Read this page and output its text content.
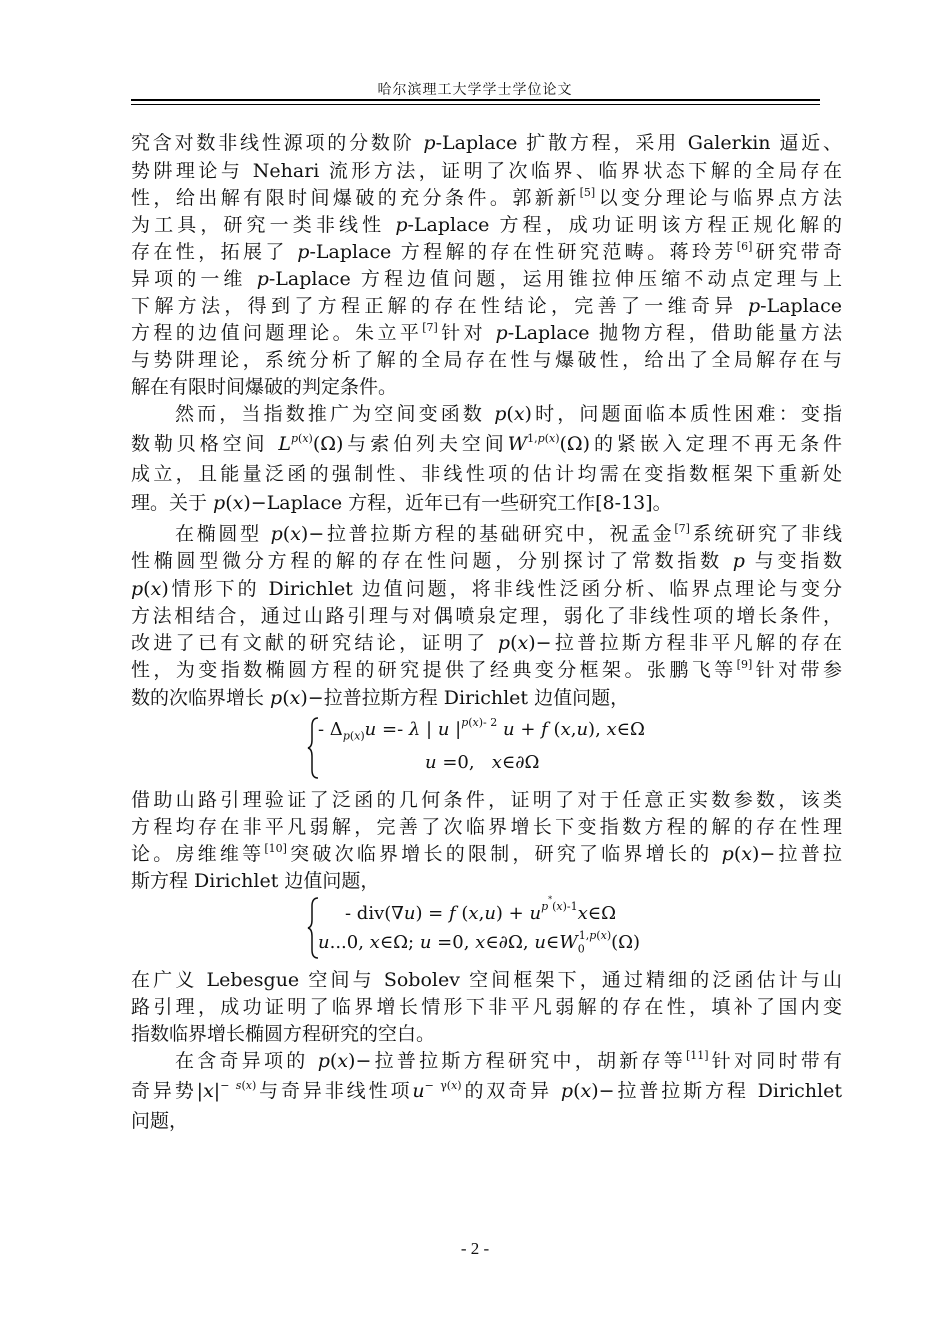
哈尔滨理工大学学士学位论文
究含对数非线性源项的分数阶 p-Laplace 扩散方程，采用 Galerkin 逼近、
势阱理论与 Nehari 流形方法，证明了次临界、临界状态下解的全局存在
性，给出解有限时间爆破的充分条件。郭新新[5]以变分理论与临界点方法
为工具，研究一类非线性 p-Laplace 方程，成功证明该方程正规化解的
存在性，拓展了 p-Laplace 方程解的存在性研究范畴。蒋玲芳[6]研究带奇
异项的一维 p-Laplace 方程边值问题，运用锥拉伸压缩不动点定理与上
下解方法，得到了方程正解的存在性结论，完善了一维奇异 p-Laplace
方程的边值问题理论。朱立平[7]针对 p-Laplace 抛物方程，借助能量方法
与势阱理论，系统分析了解的全局存在性与爆破性，给出了全局解存在与
解在有限时间爆破的判定条件。
然而，当指数推广为空间变函数 p(x)时，问题面临本质性困难：变指
数勒贝格空间 $L^{p(x)}(\Omega)$与索伯列夫空间$W^{1,p(x)}(\Omega)$的紧嵌入定理不再无条件
成立，且能量泛函的强制性、非线性项的估计均需在变指数框架下重新处
理。关于 p(x)−Laplace 方程，近年已有一些研究工作[8-13]。
在椭圆型 p(x)−拉普拉斯方程的基础研究中，祝孟金[7]系统研究了非线
性椭圆型微分方程的解的存在性问题，分别探讨了常数指数 p 与变指数
p(x)情形下的 Dirichlet 边值问题，将非线性泛函分析、临界点理论与变分
方法相结合，通过山路引理与对偶喷泉定理，弱化了非线性项的增长条件，
改进了已有文献的研究结论，证明了 p(x)−拉普拉斯方程非平凡解的存在
性，为变指数椭圆方程的研究提供了经典变分框架。张鹏飞等[9]针对带参
数的次临界增长 p(x)−拉普拉斯方程 Dirichlet 边值问题，
- $\Delta_{p(x)}u =- \lambda$ | u $|^{p(x)- 2}$ u + f (x,u), x∈Ω
u =0,   x∈∂Ω
借助山路引理验证了泛函的几何条件，证明了对于任意正实数参数，该类
方程均存在非平凡弱解，完善了次临界增长下变指数方程的解的存在性理
论。房维维等[10]突破次临界增长的限制，研究了临界增长的 p(x)−拉普拉
斯方程 Dirichlet 边值问题，
- div(∇u) = f $(x,u) + u^{p^*(x)-1}x\in\Omega$
u...0, x∈Ω; u =0, x∈∂Ω, $u\in W_0^{1,p(x)}(\Omega)$
在广义 Lebesgue 空间与 Sobolev 空间框架下，通过精细的泛函估计与山
路引理，成功证明了临界增长情形下非平凡弱解的存在性，填补了国内变
指数临界增长椭圆方程研究的空白。
在含奇异项的 p(x)−拉普拉斯方程研究中，胡新存等[11]针对同时带有
奇异势$|x|^{- s(x)}$与奇异非线性项$u^{- \gamma(x)}$的双奇异 p(x)−拉普拉斯方程 Dirichlet
问题，
- 2 -
